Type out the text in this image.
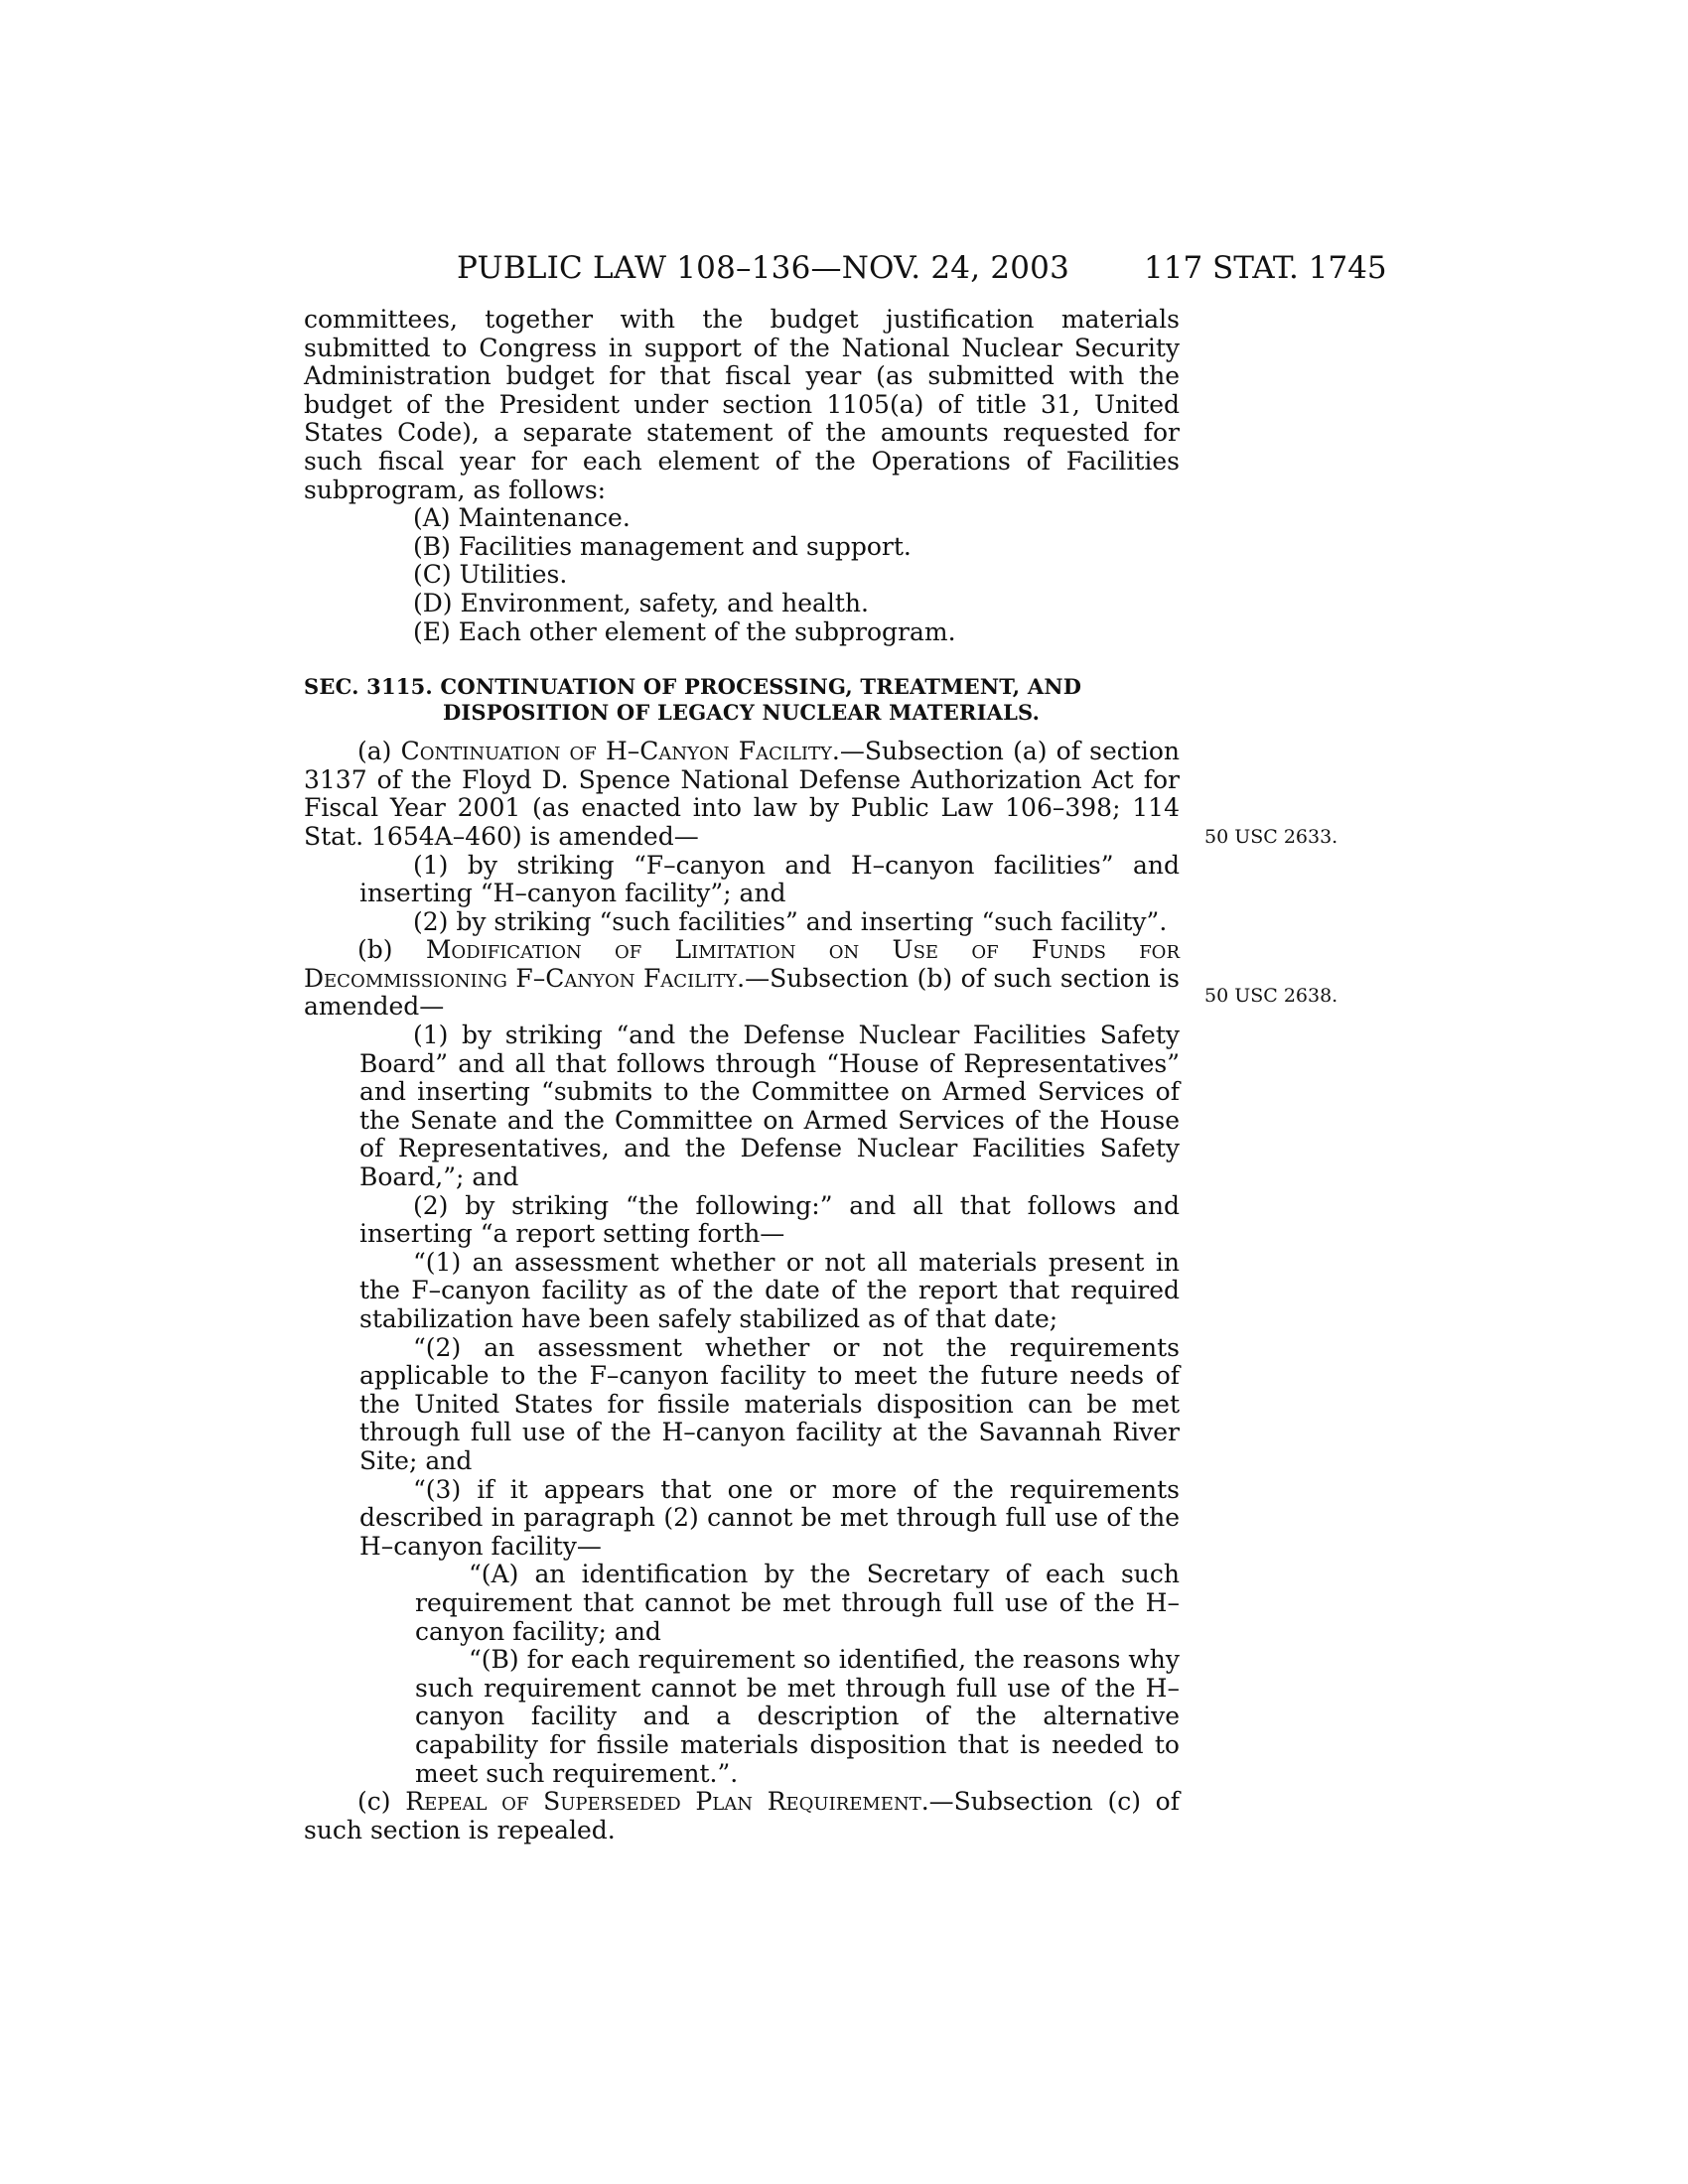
PUBLIC LAW 108–136—NOV. 24, 2003 117 STAT. 1745
50 USC 2633.
50 USC 2638.

committees, together with the budget justification materials submitted to Congress in support of the National Nuclear Security Administration budget for that fiscal year (as submitted with the budget of the President under section 1105(a) of title 31, United States Code), a separate statement of the amounts requested for such fiscal year for each element of the Operations of Facilities subprogram, as follows:

(A) Maintenance.

(B) Facilities management and support.

(C) Utilities.

(D) Environment, safety, and health.

(E) Each other element of the subprogram.

SEC. 3115. CONTINUATION OF PROCESSING, TREATMENT, AND DISPOSITION OF LEGACY NUCLEAR MATERIALS.

(a) Continuation of H–Canyon Facility.—Subsection (a) of section 3137 of the Floyd D. Spence National Defense Authorization Act for Fiscal Year 2001 (as enacted into law by Public Law 106–398; 114 Stat. 1654A–460) is amended—

(1) by striking “F–canyon and H–canyon facilities” and inserting “H–canyon facility”; and

(2) by striking “such facilities” and inserting “such facility”.

(b) Modification of Limitation on Use of Funds for Decommissioning F–Canyon Facility.—Subsection (b) of such section is amended—

(1) by striking “and the Defense Nuclear Facilities Safety Board” and all that follows through “House of Representatives” and inserting “submits to the Committee on Armed Services of the Senate and the Committee on Armed Services of the House of Representatives, and the Defense Nuclear Facilities Safety Board,”; and

(2) by striking “the following:” and all that follows and inserting “a report setting forth—

“(1) an assessment whether or not all materials present in the F–canyon facility as of the date of the report that required stabilization have been safely stabilized as of that date;

“(2) an assessment whether or not the requirements applicable to the F–canyon facility to meet the future needs of the United States for fissile materials disposition can be met through full use of the H–canyon facility at the Savannah River Site; and

“(3) if it appears that one or more of the requirements described in paragraph (2) cannot be met through full use of the H–canyon facility—

“(A) an identification by the Secretary of each such requirement that cannot be met through full use of the H–canyon facility; and

“(B) for each requirement so identified, the reasons why such requirement cannot be met through full use of the H–canyon facility and a description of the alternative capability for fissile materials disposition that is needed to meet such requirement.”.

(c) Repeal of Superseded Plan Requirement.—Subsection (c) of such section is repealed.
